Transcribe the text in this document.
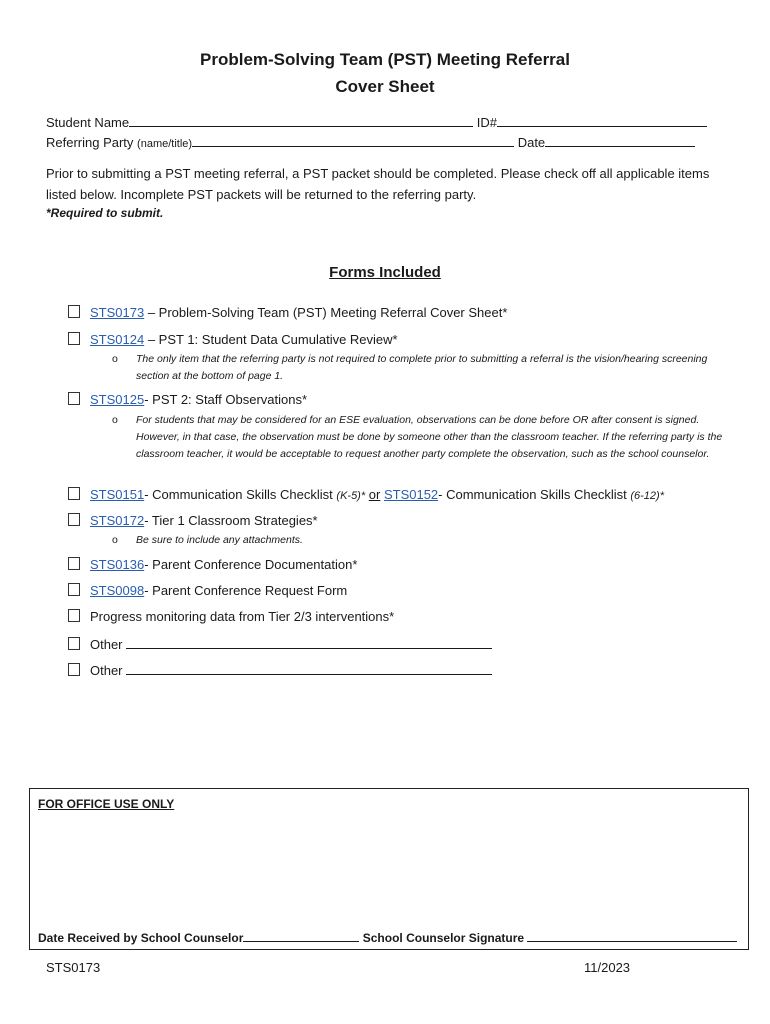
Problem-Solving Team (PST) Meeting Referral
Cover Sheet
Student Name	ID#
Referring Party (name/title)	Date
Prior to submitting a PST meeting referral, a PST packet should be completed. Please check off all applicable items listed below. Incomplete PST packets will be returned to the referring party.
*Required to submit.
Forms Included
STS0173 – Problem-Solving Team (PST) Meeting Referral Cover Sheet*
STS0124 – PST 1: Student Data Cumulative Review*
o The only item that the referring party is not required to complete prior to submitting a referral is the vision/hearing screening section at the bottom of page 1.
STS0125- PST 2: Staff Observations*
o For students that may be considered for an ESE evaluation, observations can be done before OR after consent is signed. However, in that case, the observation must be done by someone other than the classroom teacher. If the referring party is the classroom teacher, it would be acceptable to request another party complete the observation, such as the school counselor.
STS0151- Communication Skills Checklist (K-5)* or STS0152- Communication Skills Checklist (6-12)*
STS0172- Tier 1 Classroom Strategies*
o Be sure to include any attachments.
STS0136- Parent Conference Documentation*
STS0098- Parent Conference Request Form
Progress monitoring data from Tier 2/3 interventions*
Other
Other
FOR OFFICE USE ONLY
Date Received by School Counselor	School Counselor Signature
STS0173	11/2023
